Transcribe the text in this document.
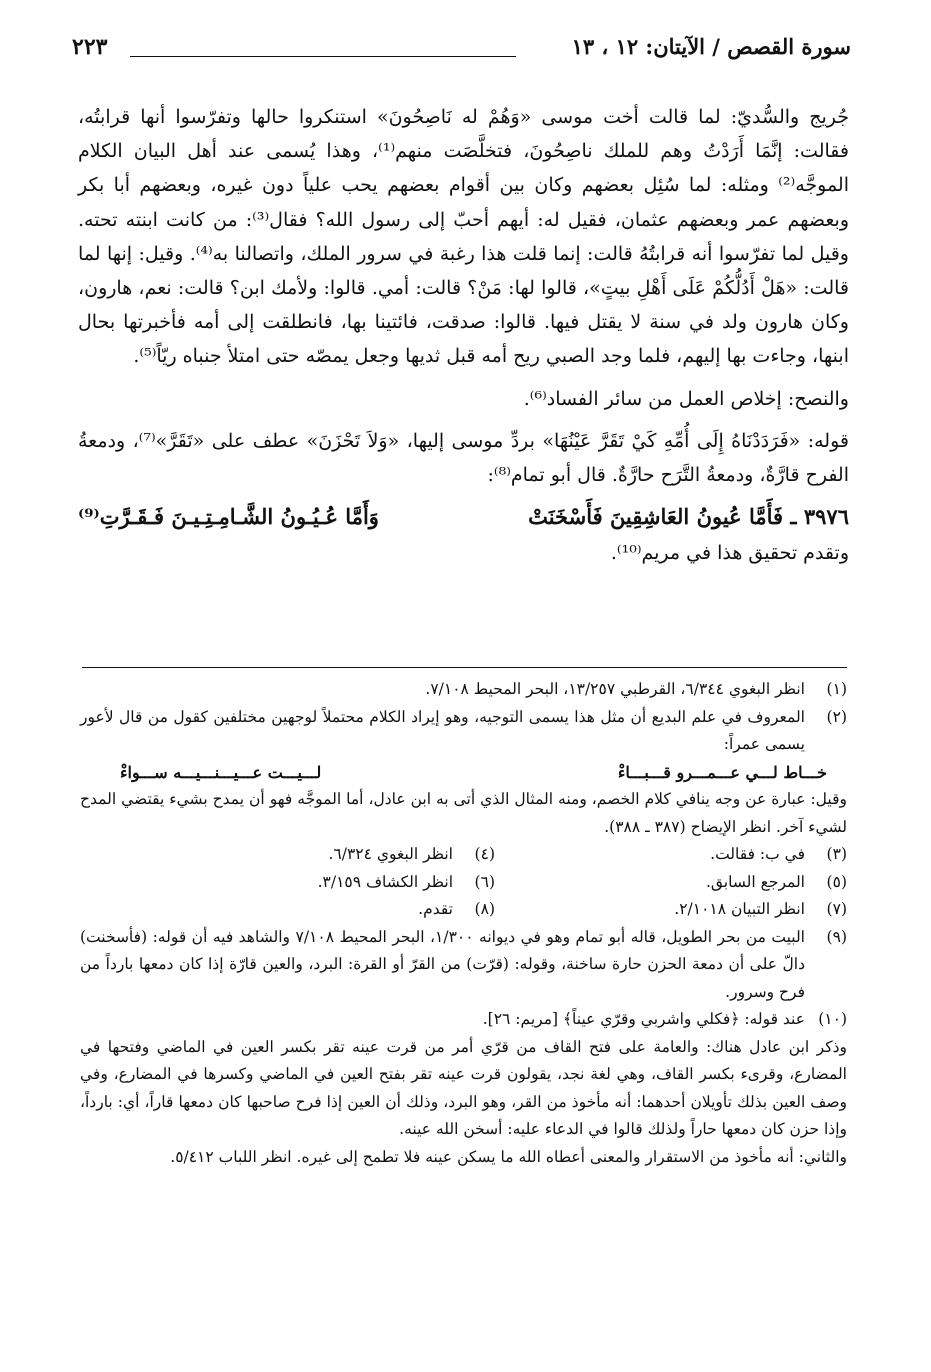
سورة القصص / الآيتان: ١٢ ، ١٣
٢٢٣

جُريج والسُّديّ: لما قالت أخت موسى «وَهُمْ له نَاصِحُونَ» استنكروا حالها وتفرّسوا أنها قرابتُه، فقالت: إنَّمَا أَرَدْتُ وهم للملك ناصِحُونَ، فتخلَّصَت منهم⁽¹⁾، وهذا يُسمى عند أهل البيان الكلام الموجَّه⁽²⁾ ومثله: لما سُئِل بعضهم وكان بين أقوام بعضهم يحب علياً دون غيره، وبعضهم أبا بكر وبعضهم عمر وبعضهم عثمان، فقيل له: أيهم أحبّ إلى رسول الله؟ فقال⁽³⁾: من كانت ابنته تحته. وقيل لما تفرّسوا أنه قرابتُهُ قالت: إنما قلت هذا رغبة في سرور الملك، واتصالنا به⁽⁴⁾. وقيل: إنها لما قالت: «هَلْ أَدُلُّكُمْ عَلَى أَهْلِ بيتٍ»، قالوا لها: مَنْ؟ قالت: أمي. قالوا: ولأمك ابن؟ قالت: نعم، هارون، وكان هارون ولد في سنة لا يقتل فيها. قالوا: صدقت، فائتينا بها، فانطلقت إلى أمه فأخبرتها بحال ابنها، وجاءت بها إليهم، فلما وجد الصبي ريح أمه قبل ثديها وجعل يمصّه حتى امتلأ جنباه ريّاً⁽⁵⁾.

والنصح: إخلاص العمل من سائر الفساد⁽⁶⁾.

قوله: «فَرَدَدْنَاهُ إِلَى أُمِّهِ كَيْ تَقَرَّ عَيْنُهَا» بردِّ موسى إليها، «وَلاَ تَحْزَنَ» عطف على «تَقَرَّ»⁽⁷⁾، ودمعةُ الفرح قارَّةٌ، ودمعةُ التَّرَح حارَّةٌ. قال أبو تمام⁽⁸⁾:

٣٩٧٦ ـ فَأَمَّا عُيونُ العَاشِقِينَ فَأَسْخَنَتْ
وَأَمَّا عُـيُـونُ الشَّـامِـتِـيـنَ فَـقَـرَّتِ⁽⁹⁾

وتقدم تحقيق هذا في مريم⁽¹⁰⁾.

(١)
انظر البغوي ٦/٣٤٤، القرطبي ١٣/٢٥٧، البحر المحيط ٧/١٠٨.
(٢)
المعروف في علم البديع أن مثل هذا يسمى التوجيه، وهو إيراد الكلام محتملاً لوجهين مختلفين كقول من قال لأعور يسمى عمراً:
خـــاط لـــي عـــمـــرو قـــبـــاءْ
لـــيـــت عـــيـــنـــيـــه ســـواءْ
وقيل: عبارة عن وجه ينافي كلام الخصم، ومنه المثال الذي أتى به ابن عادل، أما الموجَّه فهو أن يمدح بشيء يقتضي المدح لشيء آخر. انظر الإيضاح (٣٨٧ ـ ٣٨٨).
(٣)
في ب: فقالت.
(٤)
انظر البغوي ٦/٣٢٤.
(٥)
المرجع السابق.
(٦)
انظر الكشاف ٣/١٥٩.
(٧)
انظر التبيان ٢/١٠١٨.
(٨)
تقدم.
(٩)
البيت من بحر الطويل، قاله أبو تمام وهو في ديوانه ١/٣٠٠، البحر المحيط ٧/١٠٨ والشاهد فيه أن قوله: (فأسخنت) دالّ على أن دمعة الحزن حارة ساخنة، وقوله: (قرّت) من القرّ أو القرة: البرد، والعين قارّة إذا كان دمعها بارداً من فرح وسرور.
(١٠)
عند قوله: ﴿فكلي واشربي وقرّي عيناً﴾ [مريم: ٢٦].
وذكر ابن عادل هناك: والعامة على فتح القاف من قرّي أمر من قرت عينه تقر بكسر العين في الماضي وفتحها في المضارع، وقرىء بكسر القاف، وهي لغة نجد، يقولون قرت عينه تقر بفتح العين في الماضي وكسرها في المضارع، وفي وصف العين بذلك تأويلان أحدهما: أنه مأخوذ من القر، وهو البرد، وذلك أن العين إذا فرح صاحبها كان دمعها قاراً، أي: بارداً، وإذا حزن كان دمعها حاراً ولذلك قالوا في الدعاء عليه: أسخن الله عينه.
والثاني: أنه مأخوذ من الاستقرار والمعنى أعطاه الله ما يسكن عينه فلا تطمح إلى غيره. انظر اللباب ٥/٤١٢.
